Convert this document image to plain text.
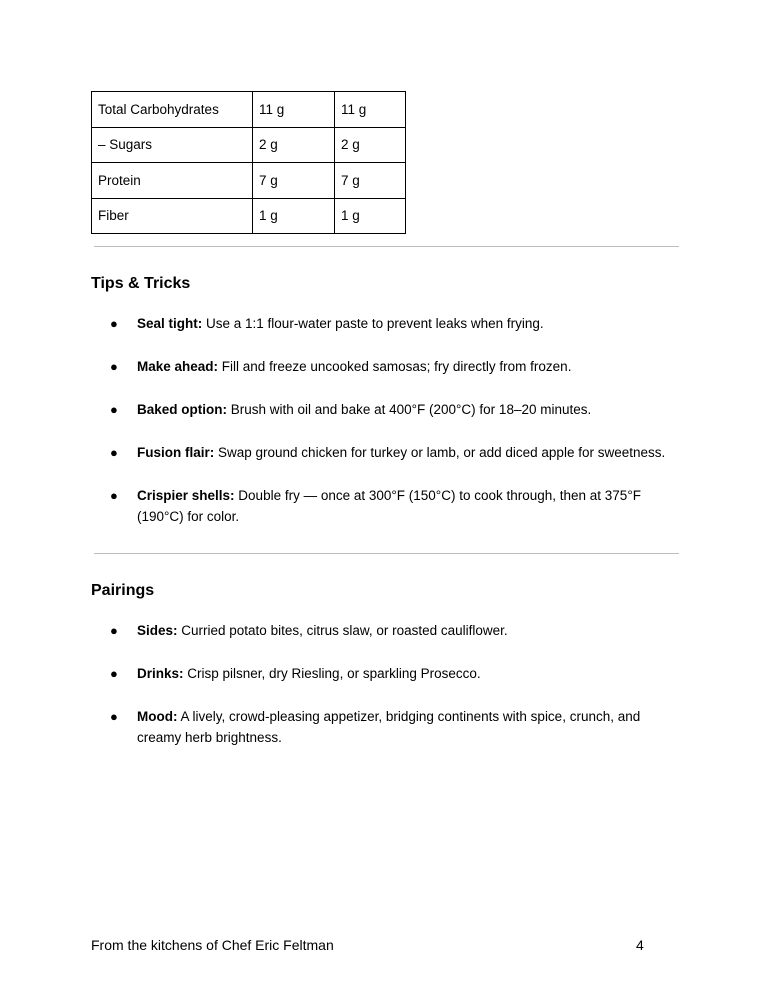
Total Carbohydrates	11 g	11 g
– Sugars	2 g	2 g
Protein	7 g	7 g
Fiber	1 g	1 g
Tips & Tricks
● Seal tight: Use a 1:1 flour-water paste to prevent leaks when frying.
● Make ahead: Fill and freeze uncooked samosas; fry directly from frozen.
● Baked option: Brush with oil and bake at 400°F (200°C) for 18–20 minutes.
● Fusion flair: Swap ground chicken for turkey or lamb, or add diced apple for sweetness.
● Crispier shells: Double fry — once at 300°F (150°C) to cook through, then at 375°F (190°C) for color.
Pairings
● Sides: Curried potato bites, citrus slaw, or roasted cauliflower.
● Drinks: Crisp pilsner, dry Riesling, or sparkling Prosecco.
● Mood: A lively, crowd-pleasing appetizer, bridging continents with spice, crunch, and creamy herb brightness.
From the kitchens of Chef Eric Feltman	4
